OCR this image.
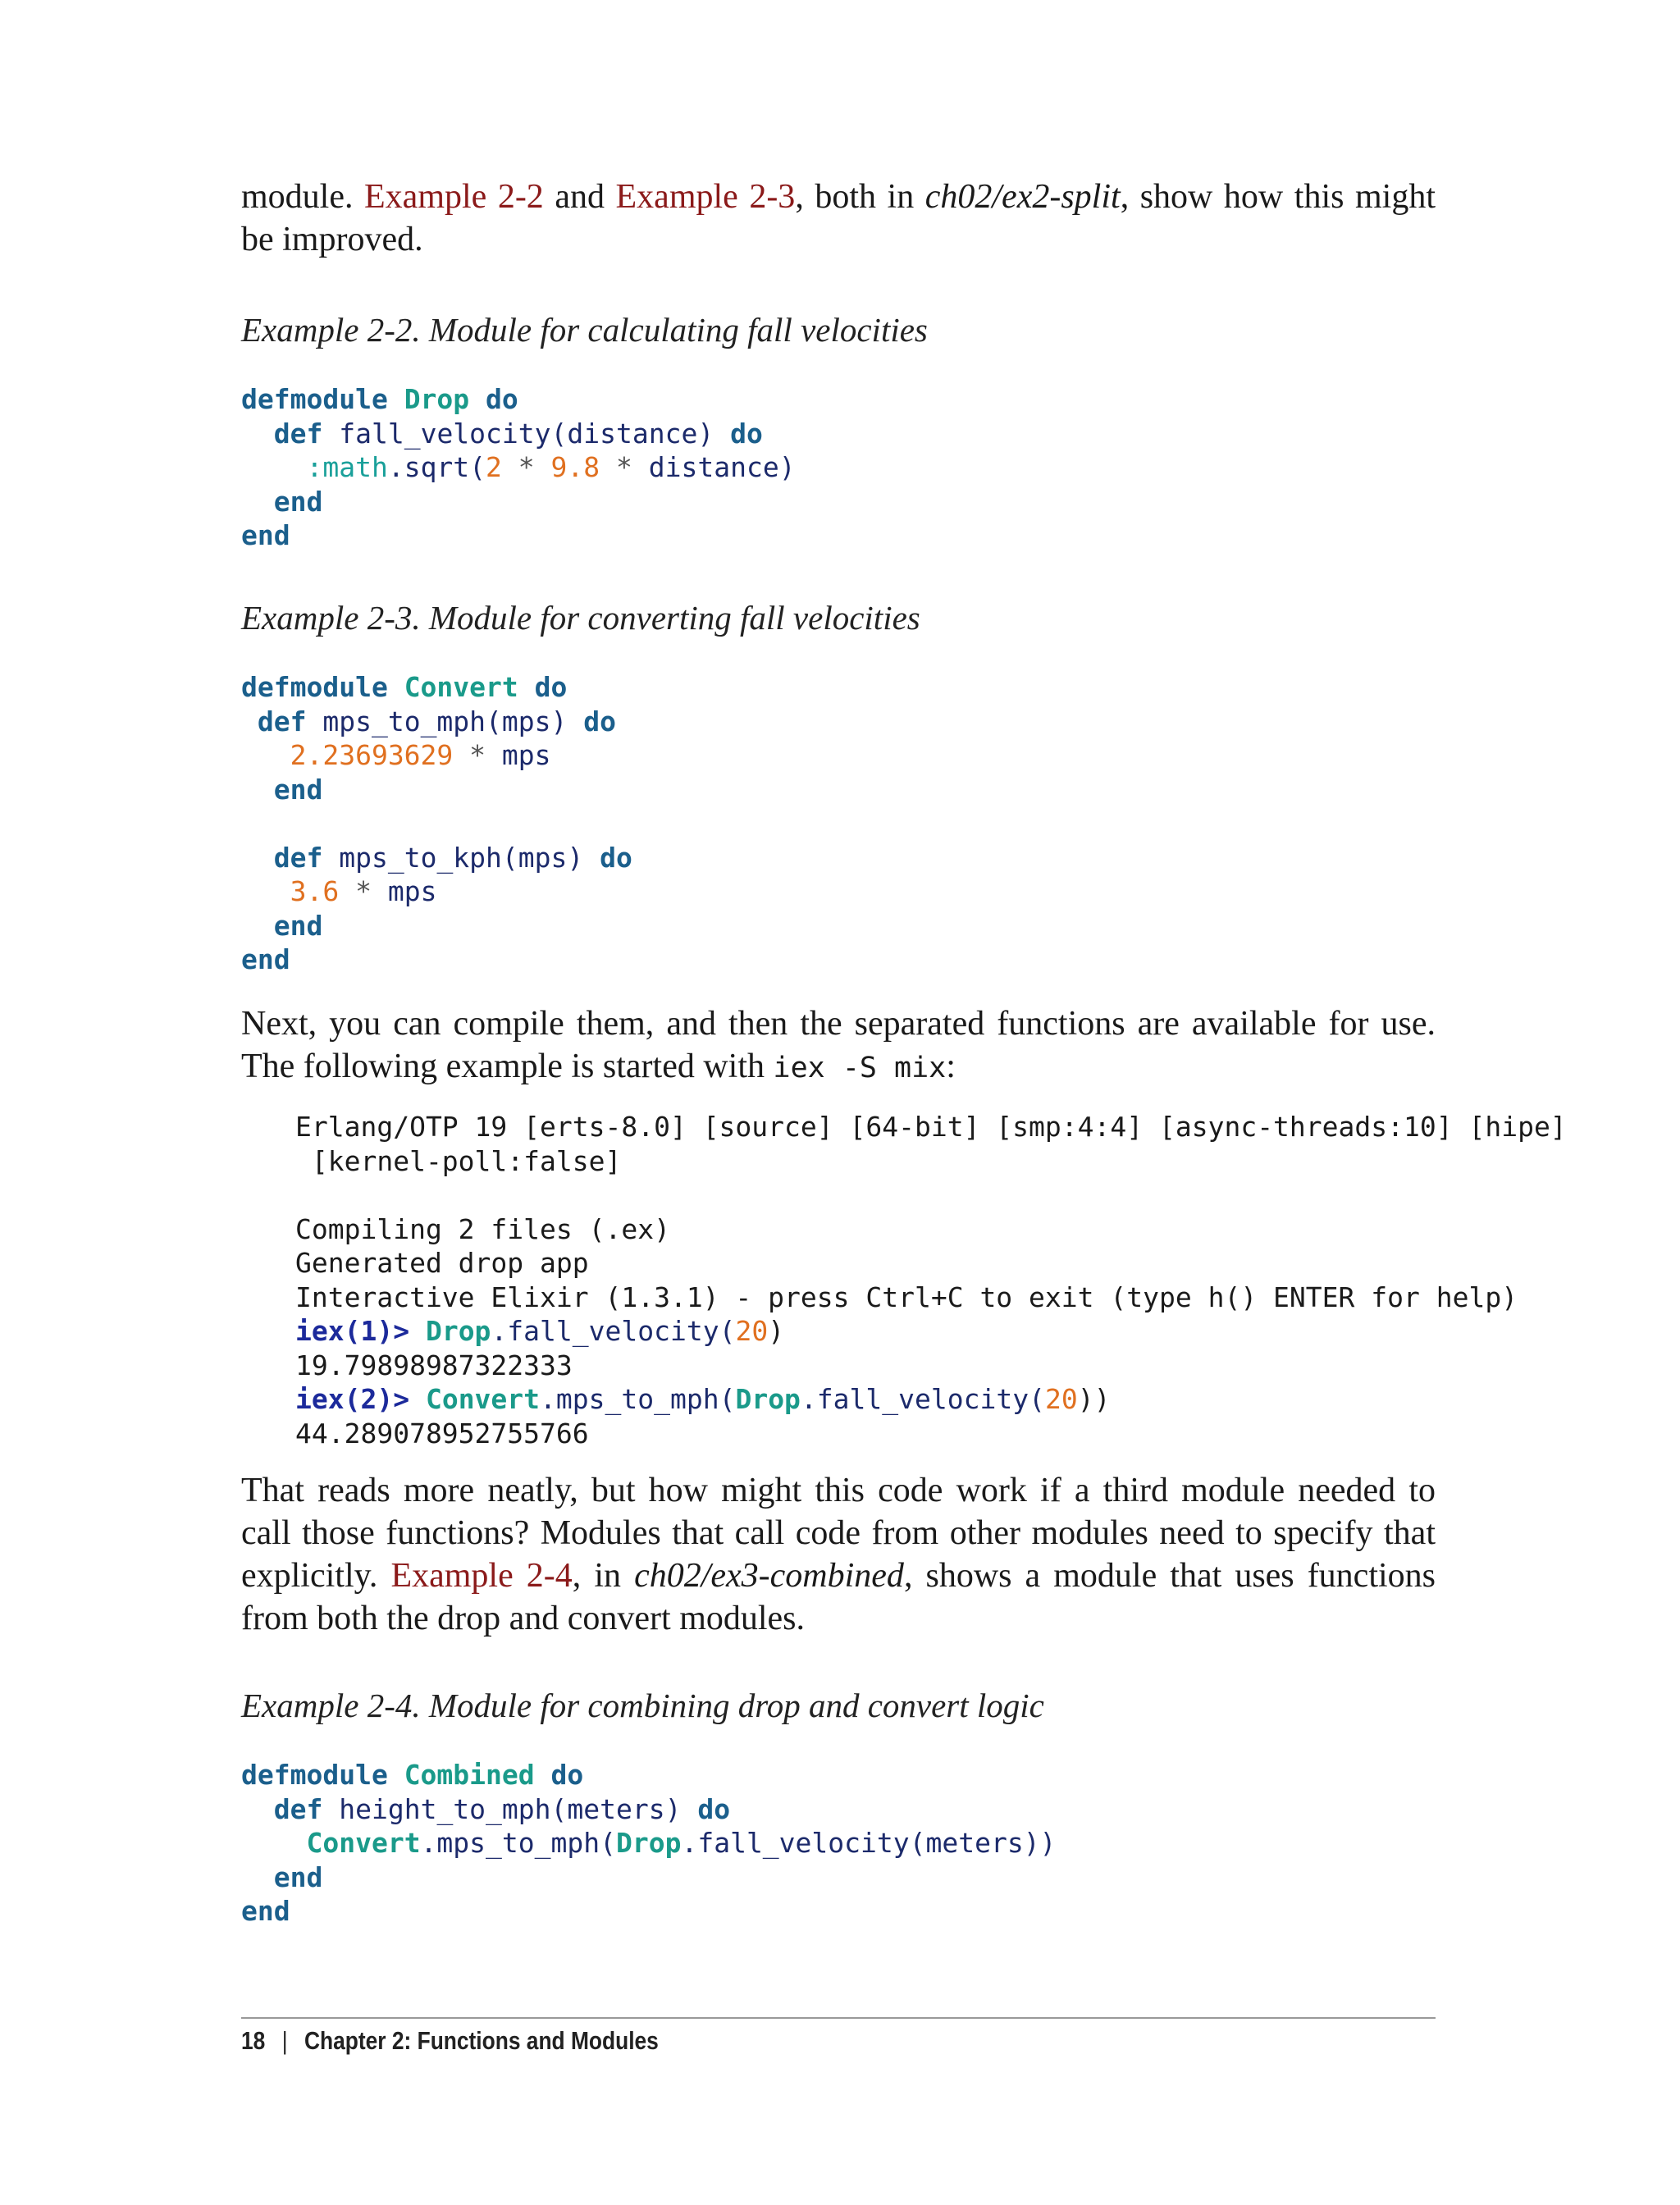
module. Example 2-2 and Example 2-3, both in ch02/ex2-split, show how this might
be improved.

Example 2-2. Module for calculating fall velocities

defmodule Drop do
def fall_velocity(distance) do
:math.sqrt(2 * 9.8 * distance)
end
end

Example 2-3. Module for converting fall velocities

defmodule Convert do
def mps_to_mph(mps) do
2.23693629 * mps
end

def mps_to_kph(mps) do
3.6 * mps
end
end
Next, you can compile them, and then the separated functions are available for use.
The following example is started with iex -S mix:
Erlang/OTP 19 [erts-8.0] [source] [64-bit] [smp:4:4] [async-threads:10] [hipe]
[kernel-poll:false]

Compiling 2 files (.ex)
Generated drop app
Interactive Elixir (1.3.1) - press Ctrl+C to exit (type h() ENTER for help)
iex(1)> Drop.fall_velocity(20)
19.79898987322333
iex(2)> Convert.mps_to_mph(Drop.fall_velocity(20))
44.289078952755766
That reads more neatly, but how might this code work if a third module needed to
call those functions? Modules that call code from other modules need to specify that
explicitly. Example 2-4, in ch02/ex3-combined, shows a module that uses functions
from both the drop and convert modules.

Example 2-4. Module for combining drop and convert logic

defmodule Combined do
def height_to_mph(meters) do
Convert.mps_to_mph(Drop.fall_velocity(meters))
end
end
18 | Chapter 2: Functions and Modules
